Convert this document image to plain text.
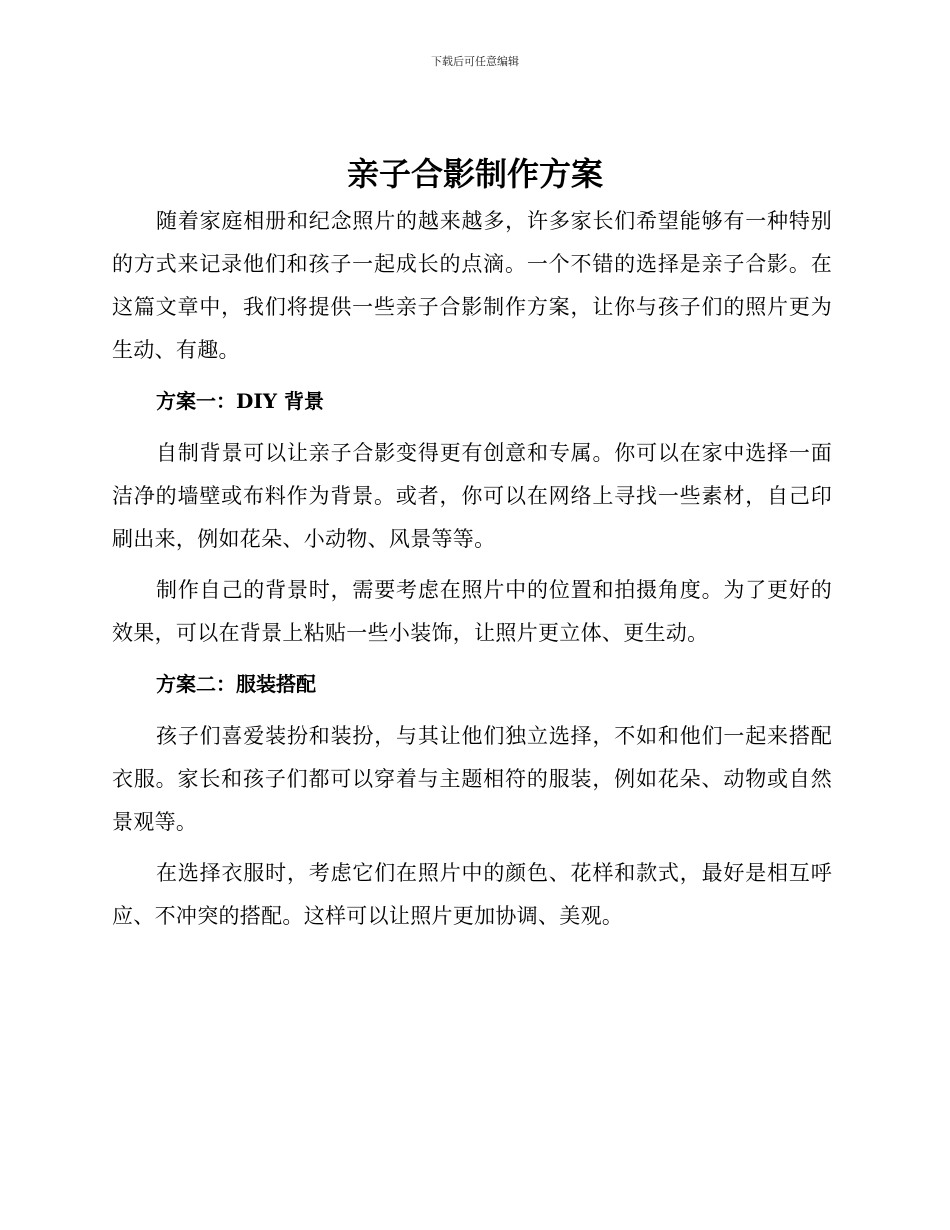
下载后可任意编辑
亲子合影制作方案

随着家庭相册和纪念照片的越来越多，许多家长们希望能够有一种特别的方式来记录他们和孩子一起成长的点滴。一个不错的选择是亲子合影。在这篇文章中，我们将提供一些亲子合影制作方案，让你与孩子们的照片更为生动、有趣。

方案一：DIY 背景

自制背景可以让亲子合影变得更有创意和专属。你可以在家中选择一面洁净的墙壁或布料作为背景。或者，你可以在网络上寻找一些素材，自己印刷出来，例如花朵、小动物、风景等等。

制作自己的背景时，需要考虑在照片中的位置和拍摄角度。为了更好的效果，可以在背景上粘贴一些小装饰，让照片更立体、更生动。

方案二：服装搭配

孩子们喜爱装扮和装扮，与其让他们独立选择，不如和他们一起来搭配衣服。家长和孩子们都可以穿着与主题相符的服装，例如花朵、动物或自然景观等。

在选择衣服时，考虑它们在照片中的颜色、花样和款式，最好是相互呼应、不冲突的搭配。这样可以让照片更加协调、美观。
